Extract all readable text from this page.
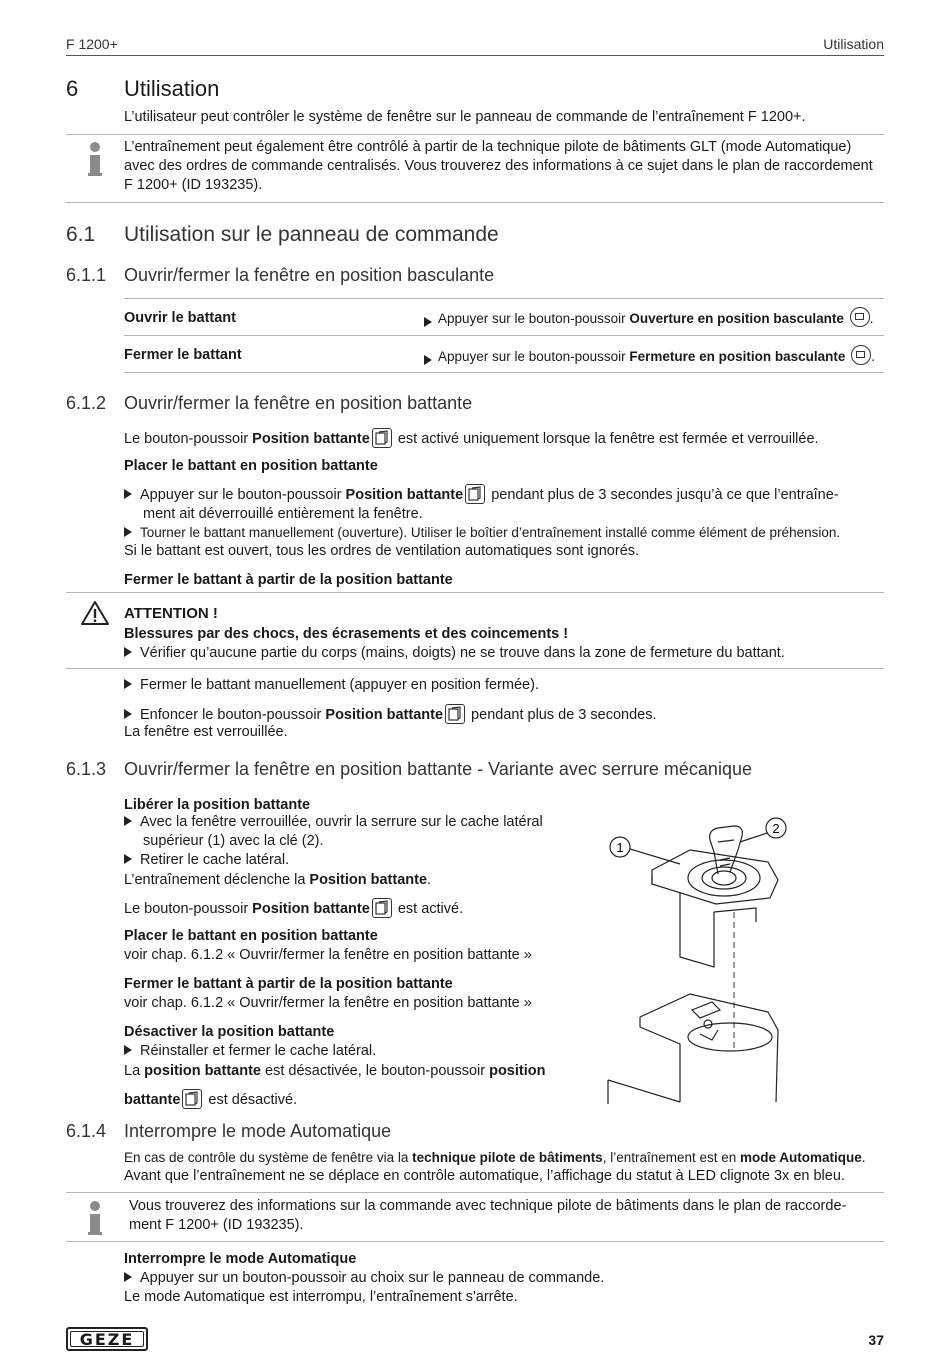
F 1200+	Utilisation
6 Utilisation
L’utilisateur peut contrôler le système de fenêtre sur le panneau de commande de l’entraînement F 1200+.
L’entraînement peut également être contrôlé à partir de la technique pilote de bâtiments GLT (mode Automatique) avec des ordres de commande centralisés. Vous trouverez des informations à ce sujet dans le plan de raccordement F 1200+ (ID 193235).
6.1 Utilisation sur le panneau de commande
6.1.1 Ouvrir/fermer la fenêtre en position basculante
Ouvrir le battant	Appuyer sur le bouton-poussoir Ouverture en position basculante .
Fermer le battant	Appuyer sur le bouton-poussoir Fermeture en position basculante .
6.1.2 Ouvrir/fermer la fenêtre en position battante
Le bouton-poussoir Position battante
est activé uniquement lorsque la fenêtre est fermée et verrouillée.
Placer le battant en position battante
Appuyer sur le bouton-poussoir Position battante
pendant plus de 3 secondes jusqu’à ce que l’entraîne-
ment ait déverrouillé entièrement la fenêtre.
Tourner le battant manuellement (ouverture). Utiliser le boîtier d’entraînement installé comme élément de préhension.
Si le battant est ouvert, tous les ordres de ventilation automatiques sont ignorés.
Fermer le battant à partir de la position battante
ATTENTION !
Blessures par des chocs, des écrasements et des coincements !
Vérifier qu’aucune partie du corps (mains, doigts) ne se trouve dans la zone de fermeture du battant.
Fermer le battant manuellement (appuyer en position fermée).
Enfoncer le bouton-poussoir Position battante
pendant plus de 3 secondes.
La fenêtre est verrouillée.
6.1.3 Ouvrir/fermer la fenêtre en position battante - Variante avec serrure mécanique
Libérer la position battante
Avec la fenêtre verrouillée, ouvrir la serrure sur le cache latéral
supérieur (1) avec la clé (2).
Retirer le cache latéral.
L’entraînement déclenche la Position battante.
Le bouton-poussoir Position battante
est activé.
Placer le battant en position battante
voir chap. 6.1.2 « Ouvrir/fermer la fenêtre en position battante »
Fermer le battant à partir de la position battante
voir chap. 6.1.2 « Ouvrir/fermer la fenêtre en position battante »
Désactiver la position battante
Réinstaller et fermer le cache latéral.
La position battante est désactivée, le bouton-poussoir position
battante
est désactivé.
1
2
6.1.4 Interrompre le mode Automatique
En cas de contrôle du système de fenêtre via la technique pilote de bâtiments, l’entraînement est en mode Automatique.
Avant que l’entraînement ne se déplace en contrôle automatique, l’affichage du statut à LED clignote 3x en bleu.
Vous trouverez des informations sur la commande avec technique pilote de bâtiments dans le plan de raccorde-
ment F 1200+ (ID 193235).
Interrompre le mode Automatique
Appuyer sur un bouton-poussoir au choix sur le panneau de commande.
Le mode Automatique est interrompu, l’entraînement s'arrête.
GEZE	37
